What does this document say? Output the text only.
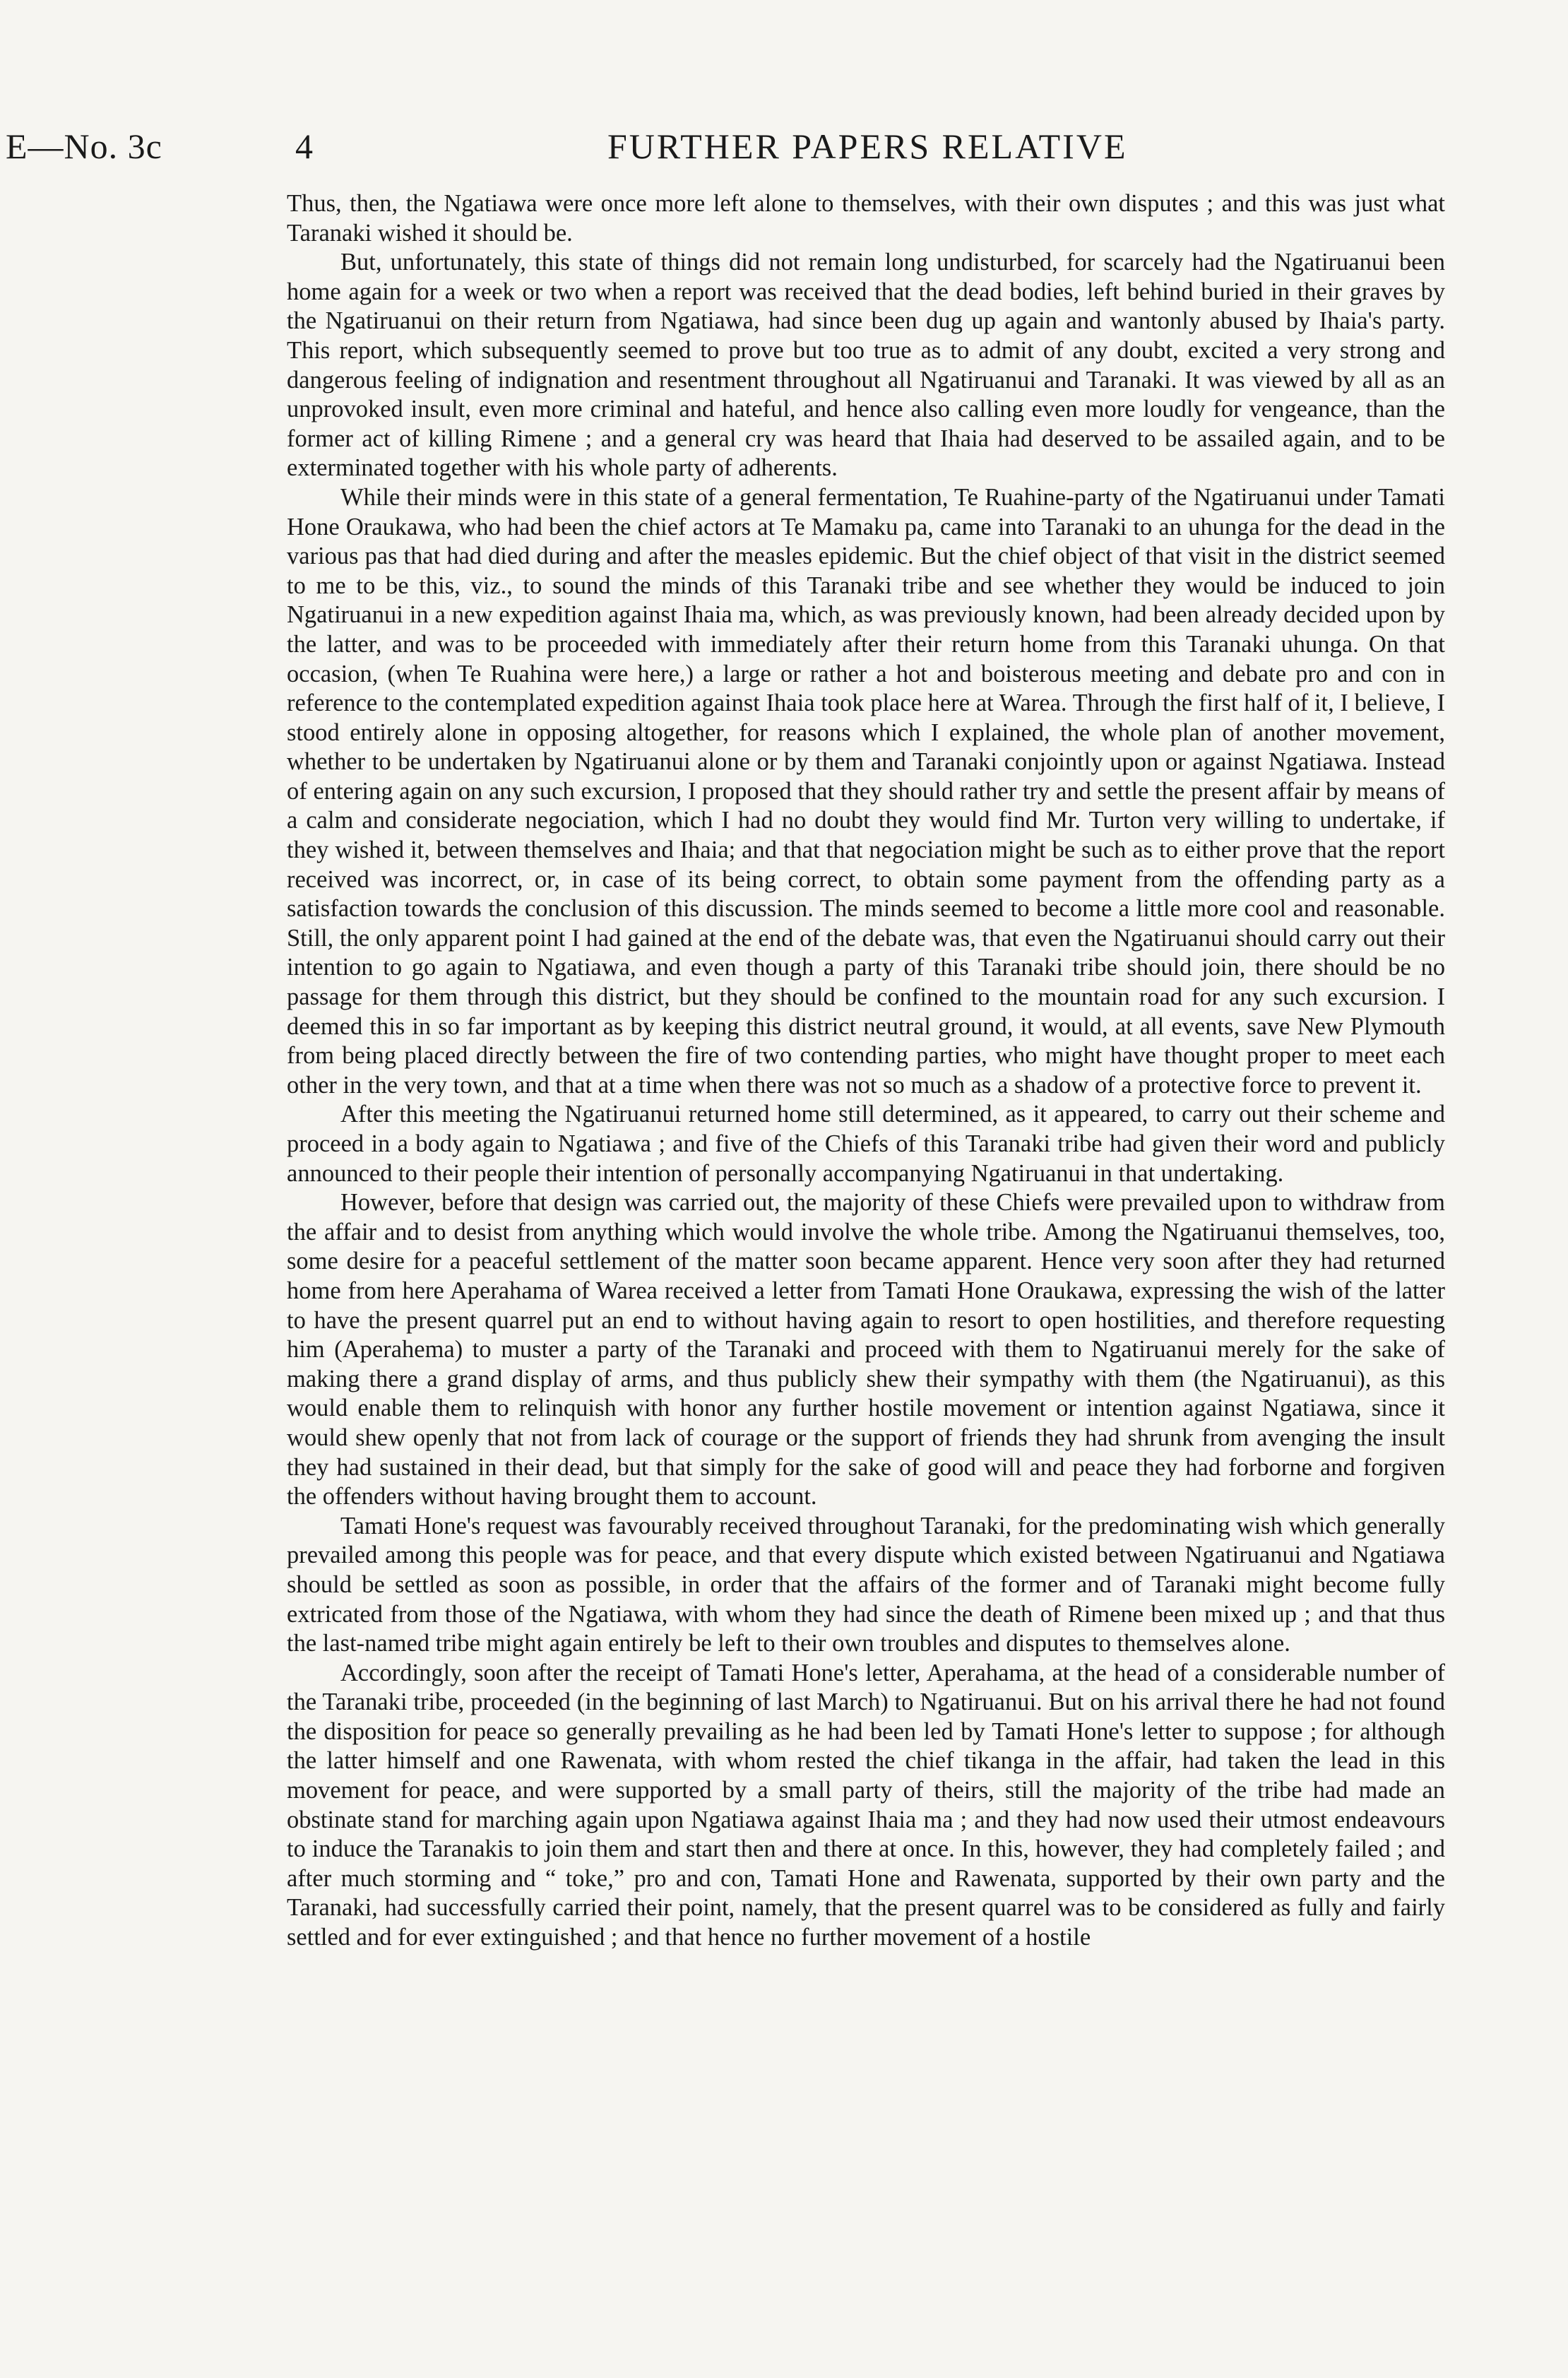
E—No. 3c	4	FURTHER PAPERS RELATIVE

Thus, then, the Ngatiawa were once more left alone to themselves, with their own disputes ; and this was just what Taranaki wished it should be.

But, unfortunately, this state of things did not remain long undisturbed, for scarcely had the Ngatiruanui been home again for a week or two when a report was received that the dead bodies, left behind buried in their graves by the Ngatiruanui on their return from Ngatiawa, had since been dug up again and wantonly abused by Ihaia's party. This report, which subsequently seemed to prove but too true as to admit of any doubt, excited a very strong and dangerous feeling of indignation and resentment throughout all Ngatiruanui and Taranaki. It was viewed by all as an unprovoked insult, even more criminal and hateful, and hence also calling even more loudly for vengeance, than the former act of killing Rimene ; and a general cry was heard that Ihaia had deserved to be assailed again, and to be exterminated together with his whole party of adherents.

While their minds were in this state of a general fermentation, Te Ruahine-party of the Ngatiruanui under Tamati Hone Oraukawa, who had been the chief actors at Te Mamaku pa, came into Taranaki to an uhunga for the dead in the various pas that had died during and after the measles epidemic. But the chief object of that visit in the district seemed to me to be this, viz., to sound the minds of this Taranaki tribe and see whether they would be induced to join Ngatiruanui in a new expedition against Ihaia ma, which, as was previously known, had been already decided upon by the latter, and was to be proceeded with immediately after their return home from this Taranaki uhunga. On that occasion, (when Te Ruahina were here,) a large or rather a hot and boisterous meeting and debate pro and con in reference to the contemplated expedition against Ihaia took place here at Warea. Through the first half of it, I believe, I stood entirely alone in opposing altogether, for reasons which I explained, the whole plan of another movement, whether to be undertaken by Ngatiruanui alone or by them and Taranaki conjointly upon or against Ngatiawa. Instead of entering again on any such excursion, I proposed that they should rather try and settle the present affair by means of a calm and considerate negociation, which I had no doubt they would find Mr. Turton very willing to undertake, if they wished it, between themselves and Ihaia; and that that negociation might be such as to either prove that the report received was incorrect, or, in case of its being correct, to obtain some payment from the offending party as a satisfaction towards the conclusion of this discussion. The minds seemed to become a little more cool and reasonable. Still, the only apparent point I had gained at the end of the debate was, that even the Ngatiruanui should carry out their intention to go again to Ngatiawa, and even though a party of this Taranaki tribe should join, there should be no passage for them through this district, but they should be confined to the mountain road for any such excursion. I deemed this in so far important as by keeping this district neutral ground, it would, at all events, save New Plymouth from being placed directly between the fire of two contending parties, who might have thought proper to meet each other in the very town, and that at a time when there was not so much as a shadow of a protective force to prevent it.

After this meeting the Ngatiruanui returned home still determined, as it appeared, to carry out their scheme and proceed in a body again to Ngatiawa ; and five of the Chiefs of this Taranaki tribe had given their word and publicly announced to their people their intention of personally accompanying Ngatiruanui in that undertaking.

However, before that design was carried out, the majority of these Chiefs were prevailed upon to withdraw from the affair and to desist from anything which would involve the whole tribe. Among the Ngatiruanui themselves, too, some desire for a peaceful settlement of the matter soon became apparent. Hence very soon after they had returned home from here Aperahama of Warea received a letter from Tamati Hone Oraukawa, expressing the wish of the latter to have the present quarrel put an end to without having again to resort to open hostilities, and therefore requesting him (Aperahema) to muster a party of the Taranaki and proceed with them to Ngatiruanui merely for the sake of making there a grand display of arms, and thus publicly shew their sympathy with them (the Ngatiruanui), as this would enable them to relinquish with honor any further hostile movement or intention against Ngatiawa, since it would shew openly that not from lack of courage or the support of friends they had shrunk from avenging the insult they had sustained in their dead, but that simply for the sake of good will and peace they had forborne and forgiven the offenders without having brought them to account.

Tamati Hone's request was favourably received throughout Taranaki, for the predominating wish which generally prevailed among this people was for peace, and that every dispute which existed between Ngatiruanui and Ngatiawa should be settled as soon as possible, in order that the affairs of the former and of Taranaki might become fully extricated from those of the Ngatiawa, with whom they had since the death of Rimene been mixed up ; and that thus the last-named tribe might again entirely be left to their own troubles and disputes to themselves alone.

Accordingly, soon after the receipt of Tamati Hone's letter, Aperahama, at the head of a considerable number of the Taranaki tribe, proceeded (in the beginning of last March) to Ngatiruanui. But on his arrival there he had not found the disposition for peace so generally prevailing as he had been led by Tamati Hone's letter to suppose ; for although the latter himself and one Rawenata, with whom rested the chief tikanga in the affair, had taken the lead in this movement for peace, and were supported by a small party of theirs, still the majority of the tribe had made an obstinate stand for marching again upon Ngatiawa against Ihaia ma ; and they had now used their utmost endeavours to induce the Taranakis to join them and start then and there at once. In this, however, they had completely failed ; and after much storming and “ toke,” pro and con, Tamati Hone and Rawenata, supported by their own party and the Taranaki, had successfully carried their point, namely, that the present quarrel was to be considered as fully and fairly settled and for ever extinguished ; and that hence no further movement of a hostile
